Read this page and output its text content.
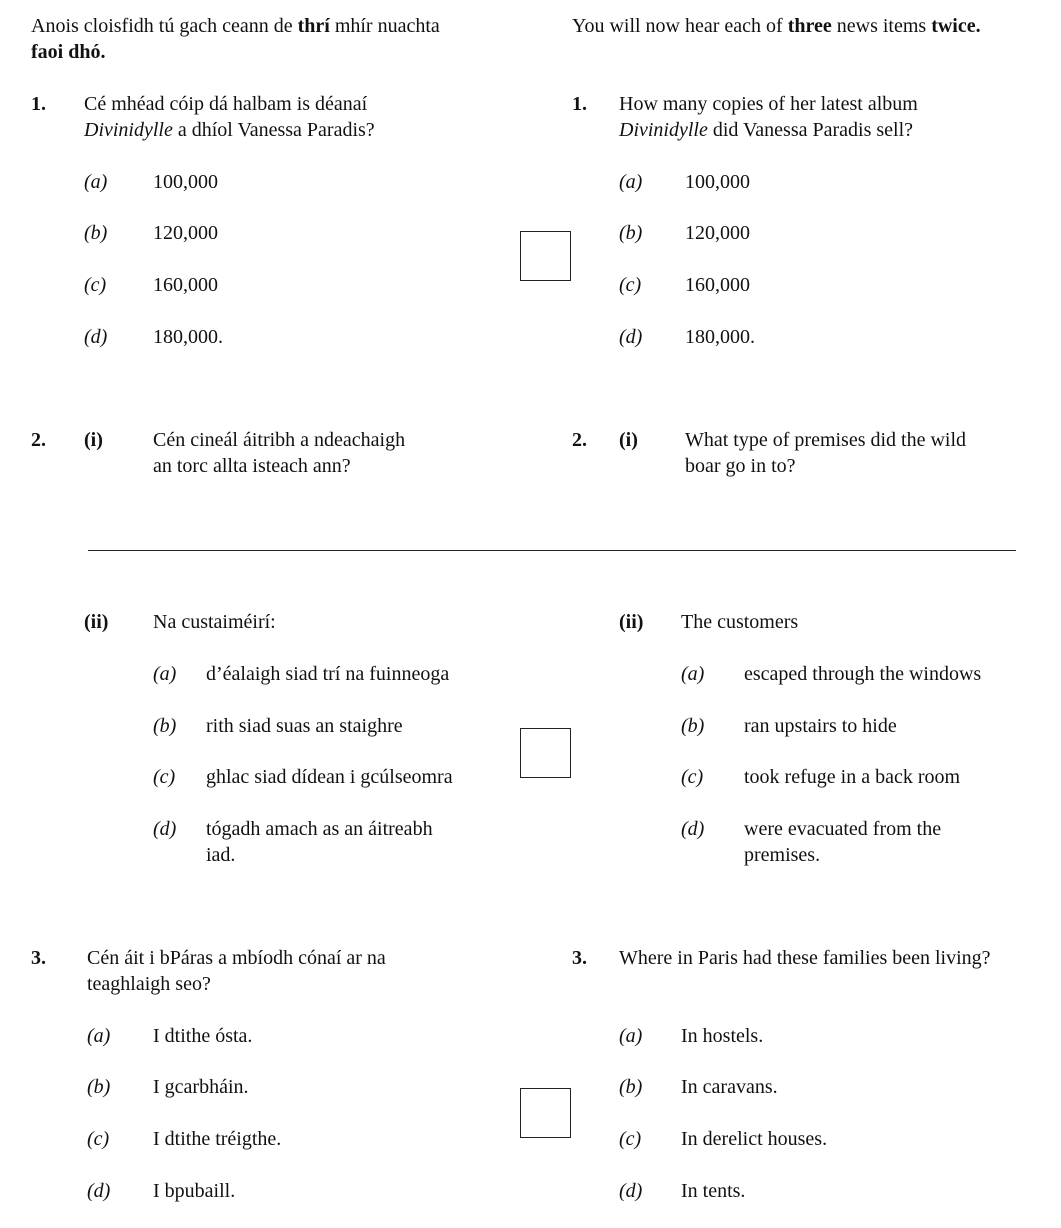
Anois cloisfidh tú gach ceann de thrí mhír nuachta
faoi dhó.
You will now hear each of three news items twice.
1. Cé mhéad cóip dá halbam is déanaí
Divinidylle a dhíol Vanessa Paradis?
(a) 100,000
(b) 120,000
(c) 160,000
(d) 180,000.
1. How many copies of her latest album
Divinidylle did Vanessa Paradis sell?
(a) 100,000
(b) 120,000
(c) 160,000
(d) 180,000.
2. (i)	Cén cineál áitribh a ndeachaigh
an torc allta isteach ann?
2. (i) What type of premises did the wild
boar go in to?
(ii) Na custaiméirí:	(ii) The customers
(a) d’éalaigh siad trí na fuinneoga
(b) rith siad suas an staighre
(c) ghlac siad dídean i gcúlseomra
(d) tógadh amach as an áitreabh
iad.
(a) escaped through the windows
(b) ran upstairs to hide
(c) took refuge in a back room
(d) were evacuated from the
premises.
3. Cén áit i bPáras a mbíodh cónaí ar na
teaghlaigh seo?
3. Where in Paris had these families been living?
(a) I dtithe ósta.
(b) I gcarbháin.
(c) I dtithe tréigthe.
(d) I bpubaill.
(a) In hostels.
(b) In caravans.
(c) In derelict houses.
(d) In tents.
